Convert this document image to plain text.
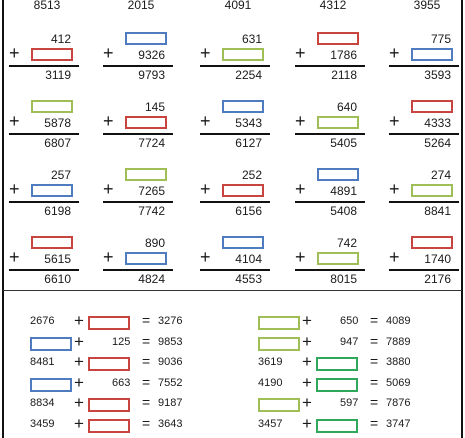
8513	2015	4091	4312	3955
+
412
3119
+ 9326
9793
+
631
2254
+ 1786
2118
+
775
3593
+ 5878
6807
+
145
7724
+ 5343
6127
+
640
5405
+ 4333
5264
+
257
6198
+ 7265
7742
+
252
6156
+ 4891
5408
+
274
8841
+ 5615
6610
+
890
4824
+ 4104
4553
+
742
8015
+ 1740
2176
2676 +	= 3276
+	125 = 9853
8481 +	= 9036
+	663 = 7552
8834 +	= 9187
3459 +	= 3643
+	650 = 4089
+	947 = 7889
3619 +	= 3880
4190 +	= 5069
+	597 = 7876
3457 +	= 3747
